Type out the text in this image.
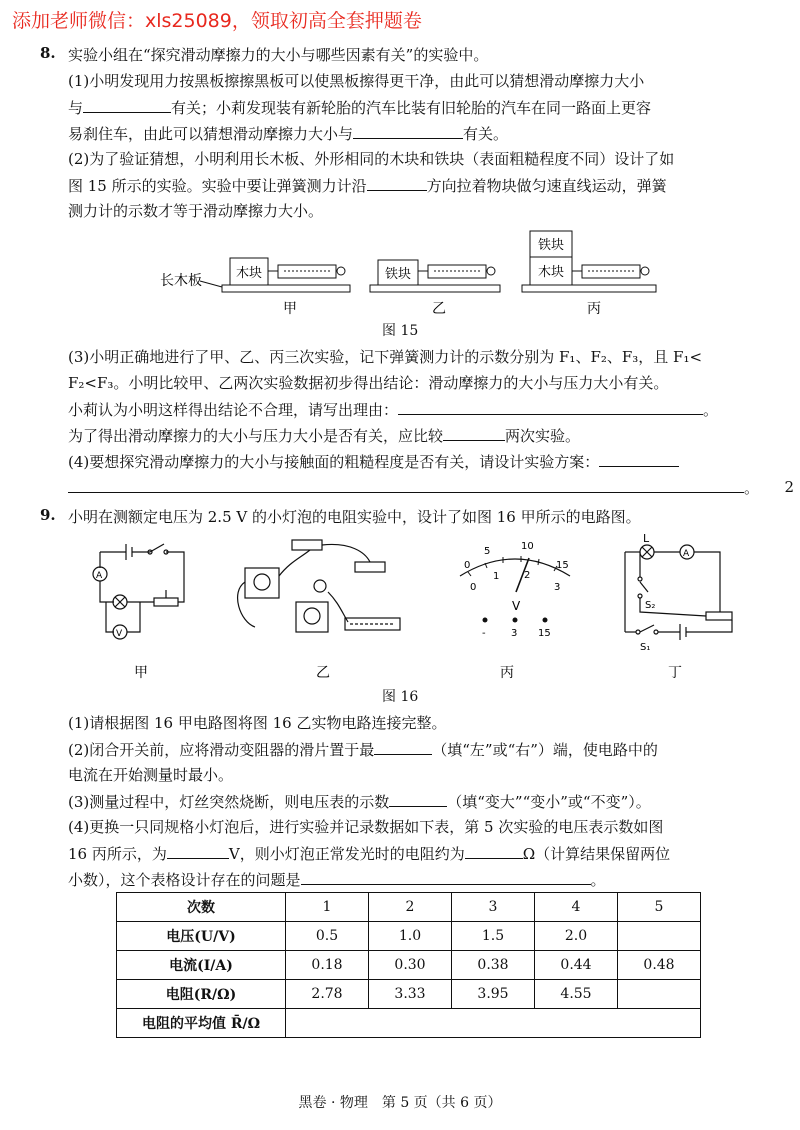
添加老师微信：xls25089，领取初高全套押题卷
8. 实验小组在“探究滑动摩擦力的大小与哪些因素有关”的实验中。
(1)小明发现用力按黑板擦擦黑板可以使黑板擦得更干净，由此可以猜想滑动摩擦力大小
与	有关；小莉发现装有新轮胎的汽车比装有旧轮胎的汽车在同一路面上更容
易刹住车，由此可以猜想滑动摩擦力大小与	有关。
(2)为了验证猜想，小明利用长木板、外形相同的木块和铁块（表面粗糙程度不同）设计了如
图 15 所示的实验。实验中要让弹簧测力计沿	方向拉着物块做匀速直线运动，弹簧
测力计的示数才等于滑动摩擦力大小。
长木板	木块	铁块
铁块
木块
甲	乙	丙
图 15
(3)小明正确地进行了甲、乙、丙三次实验，记下弹簧测力计的示数分别为 F₁、F₂、F₃，且 F₁<
F₂<F₃。小明比较甲、乙两次实验数据初步得出结论：滑动摩擦力的大小与压力大小有关。
小莉认为小明这样得出结论不合理，请写出理由：	。
为了得出滑动摩擦力的大小与压力大小是否有关，应比较	两次实验。
(4)要想探究滑动摩擦力的大小与接触面的粗糙程度是否有关，请设计实验方案：
。	2
9. 小明在测额定电压为 2.5 V 的小灯泡的电阻实验中，设计了如图 16 甲所示的电路图。
A
V
0
5	10
15
0
1 2
3
V
-	3 15
L
A
S₂
S₁
甲	乙	丙	丁
图 16
(1)请根据图 16 甲电路图将图 16 乙实物电路连接完整。
(2)闭合开关前，应将滑动变阻器的滑片置于最	（填“左”或“右”）端，使电路中的
电流在开始测量时最小。
(3)测量过程中，灯丝突然烧断，则电压表的示数	（填“变大”“变小”或“不变”）。
(4)更换一只同规格小灯泡后，进行实验并记录数据如下表，第 5 次实验的电压表示数如图
16 丙所示，为	V，则小灯泡正常发光时的电阻约为	Ω（计算结果保留两位
小数），这个表格设计存在的问题是	。
次数	1	2	3	4	5
电压(U/V)	0.5	1.0	1.5	2.0	
电流(I/A)	0.18	0.30	0.38	0.44	0.48
电阻(R/Ω)	2.78	3.33	3.95	4.55	
电阻的平均值 R̄/Ω					
黑卷 · 物理　第 5 页（共 6 页）
